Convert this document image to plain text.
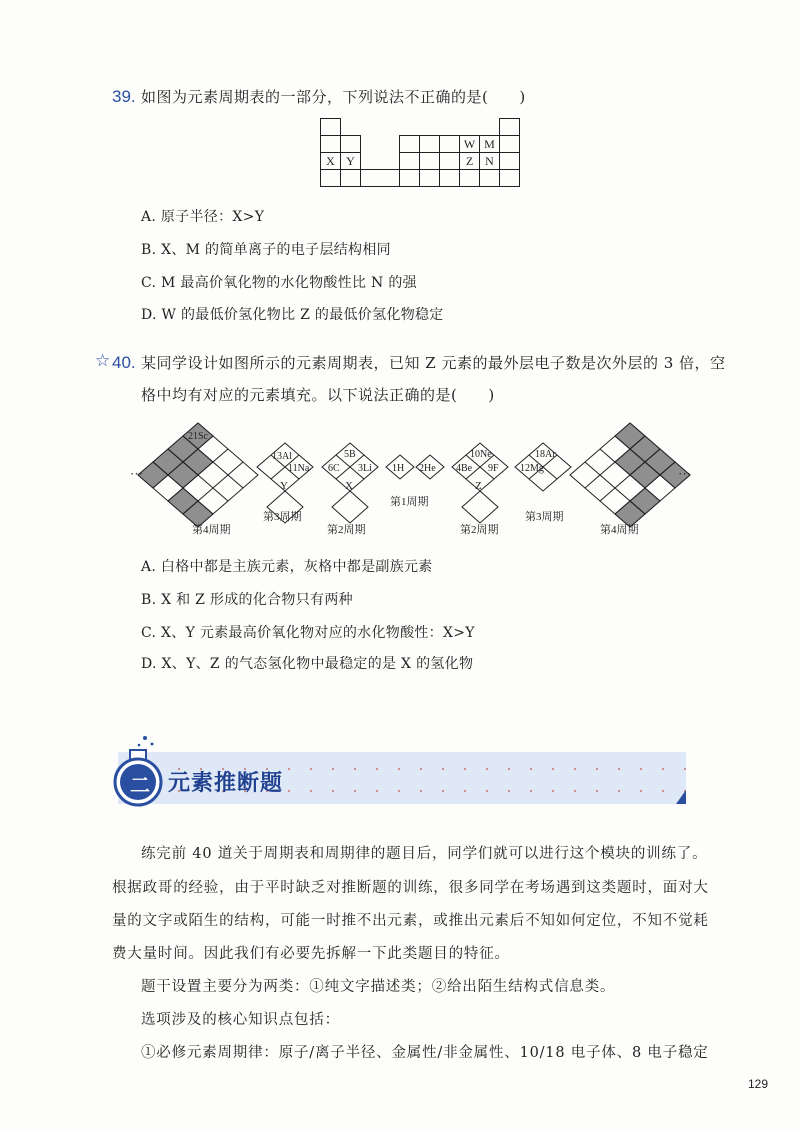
39. 如图为元素周期表的一部分，下列说法不正确的是(　　)

							W	M	
X	Y						Z	N	

A. 原子半径：X>Y
B. X、M 的简单离子的电子层结构相同
C. M 最高价氧化物的水化物酸性比 N 的强
D. W 的最低价氢化物比 Z 的最低价氢化物稳定
☆ 40. 某同学设计如图所示的元素周期表，已知 Z 元素的最外层电子数是次外层的 3 倍，空
格中均有对应的元素填充。以下说法正确的是(　　)
···	···
21Sc
13Al
11Na
Y
5B
6C 3Li
X
1H 2He
10Ne
4Be 9F
Z
18Ar
12Mg
第1周期
第3周期	第3周期
第4周期	第2周期	第2周期	第4周期
A. 白格中都是主族元素，灰格中都是副族元素
B. X 和 Z 形成的化合物只有两种
C. X、Y 元素最高价氧化物对应的水化物酸性：X>Y
D. X、Y、Z 的气态氢化物中最稳定的是 X 的氢化物
二 元素推断题
练完前 40 道关于周期表和周期律的题目后，同学们就可以进行这个模块的训练了。
根据政哥的经验，由于平时缺乏对推断题的训练，很多同学在考场遇到这类题时，面对大
量的文字或陌生的结构，可能一时推不出元素，或推出元素后不知如何定位，不知不觉耗
费大量时间。因此我们有必要先拆解一下此类题目的特征。
题干设置主要分为两类：①纯文字描述类；②给出陌生结构式信息类。
选项涉及的核心知识点包括：
①必修元素周期律：原子/离子半径、金属性/非金属性、10/18 电子体、8 电子稳定
129
